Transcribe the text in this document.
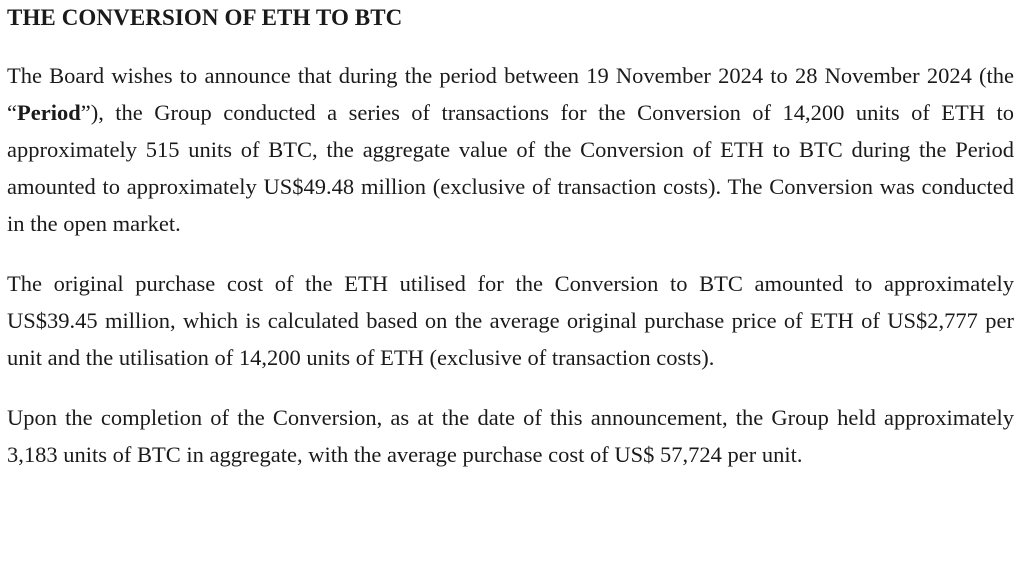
THE CONVERSION OF ETH TO BTC

The Board wishes to announce that during the period between 19 November 2024 to 28 November 2024 (the “Period”), the Group conducted a series of transactions for the Conversion of 14,200 units of ETH to approximately 515 units of BTC, the aggregate value of the Conversion of ETH to BTC during the Period amounted to approximately US$49.48 million (exclusive of transaction costs). The Conversion was conducted in the open market.

The original purchase cost of the ETH utilised for the Conversion to BTC amounted to approximately US$39.45 million, which is calculated based on the average original purchase price of ETH of US$2,777 per unit and the utilisation of 14,200 units of ETH (exclusive of transaction costs).

Upon the completion of the Conversion, as at the date of this announcement, the Group held approximately 3,183 units of BTC in aggregate, with the average purchase cost of US$ 57,724 per unit.
